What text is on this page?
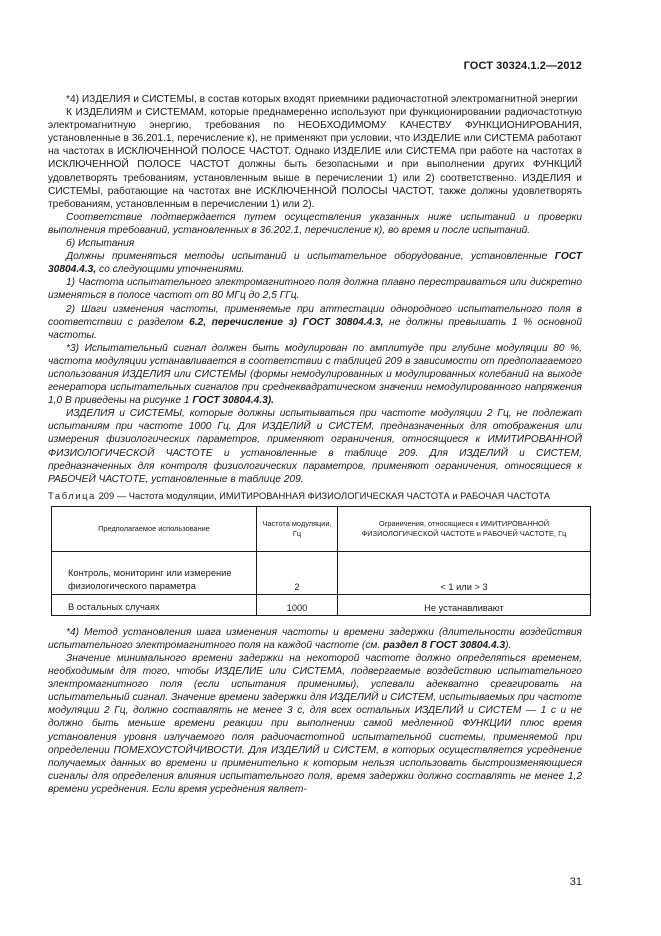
ГОСТ 30324.1.2—2012

*4) ИЗДЕЛИЯ и СИСТЕМЫ, в состав которых входят приемники радиочастотной электромагнитной энергии

К ИЗДЕЛИЯМ и СИСТЕМАМ, которые преднамеренно используют при функционировании радиочастотную электромагнитную энергию, требования по НЕОБХОДИМОМУ КАЧЕСТВУ ФУНКЦИОНИРОВАНИЯ, установленные в 36.201.1, перечисление к), не применяют при условии, что ИЗДЕЛИЕ или СИСТЕМА работают на частотах в ИСКЛЮЧЕННОЙ ПОЛОСЕ ЧАСТОТ. Однако ИЗДЕЛИЕ или СИСТЕМА при работе на частотах в ИСКЛЮЧЕННОЙ ПОЛОСЕ ЧАСТОТ должны быть безопасными и при выполнении других ФУНКЦИЙ удовлетворять требованиям, установленным выше в перечислении 1) или 2) соответственно. ИЗДЕЛИЯ и СИСТЕМЫ, работающие на частотах вне ИСКЛЮЧЕННОЙ ПОЛОСЫ ЧАСТОТ, также должны удовлетворять требованиям, установленным в перечислении 1) или 2).

Соответствие подтверждается путем осуществления указанных ниже испытаний и проверки выполнения требований, установленных в 36.202.1, перечисление к), во время и после испытаний.

б) Испытания

Должны применяться методы испытаний и испытательное оборудование, установленные ГОСТ 30804.4.3, со следующими уточнениями.

1) Частота испытательного электромагнитного поля должна плавно перестраиваться или дискретно изменяться в полосе частот от 80 МГц до 2,5 ГГц.

2) Шаги изменения частоты, применяемые при аттестации однородного испытательного поля в соответствии с разделом 6.2, перечисление з) ГОСТ 30804.4.3, не должны превышать 1 % основной частоты.

*3) Испытательный сигнал должен быть модулирован по амплитуде при глубине модуляции 80 %, частота модуляции устанавливается в соответствии с таблицей 209 в зависимости от предполагаемого использования ИЗДЕЛИЯ или СИСТЕМЫ (формы немодулированных и модулированных колебаний на выходе генератора испытательных сигналов при среднеквадратическом значении немодулированного напряжения 1,0 В приведены на рисунке 1 ГОСТ 30804.4.3).

ИЗДЕЛИЯ и СИСТЕМЫ, которые должны испытываться при частоте модуляции 2 Гц, не подлежат испытаниям при частоте 1000 Гц. Для ИЗДЕЛИЙ и СИСТЕМ, предназначенных для отображения или измерения физиологических параметров, применяют ограничения, относящиеся к ИМИТИРОВАННОЙ ФИЗИОЛОГИЧЕСКОЙ ЧАСТОТЕ и установленные в таблице 209. Для ИЗДЕЛИЙ и СИСТЕМ, предназначенных для контроля физиологических параметров, применяют ограничения, относящиеся к РАБОЧЕЙ ЧАСТОТЕ, установленные в таблице 209.

Таблица 209 — Частота модуляции, ИМИТИРОВАННАЯ ФИЗИОЛОГИЧЕСКАЯ ЧАСТОТА и РАБОЧАЯ ЧАСТОТА
Предполагаемое использование	Частота модуляции, Гц	Ограничения, относящиеся к ИМИТИРОВАННОЙ ФИЗИОЛОГИЧЕСКОЙ ЧАСТОТЕ и РАБОЧЕЙ ЧАСТОТЕ, Гц
Контроль, мониторинг или измерение физиологического параметра	2	< 1 или > 3
В остальных случаях	1000	Не устанавливают

*4) Метод установления шага изменения частоты и времени задержки (длительности воздействия испытательного электромагнитного поля на каждой частоте (см. раздел 8 ГОСТ 30804.4.3).

Значение минимального времени задержки на некоторой частоте должно определяться временем, необходимым для того, чтобы ИЗДЕЛИЕ или СИСТЕМА, подвергаемые воздействию испытательного электромагнитного поля (если испытания применимы), успевали адекватно среагировать на испытательный сигнал. Значение времени задержки для ИЗДЕЛИЙ и СИСТЕМ, испытываемых при частоте модуляции 2 Гц, должно составлять не менее 3 с, для всех остальных ИЗДЕЛИЙ и СИСТЕМ — 1 с и не должно быть меньше времени реакции при выполнении самой медленной ФУНКЦИИ плюс время установления уровня излучаемого поля радиочастотной испытательной системы, применяемой при определении ПОМЕХОУСТОЙЧИВОСТИ. Для ИЗДЕЛИЙ и СИСТЕМ, в которых осуществляется усреднение получаемых данных во времени и применительно к которым нельзя использовать быстроизменяющиеся сигналы для определения влияния испытательного поля, время задержки должно составлять не менее 1,2 времени усреднения. Если время усреднения являет-

31
